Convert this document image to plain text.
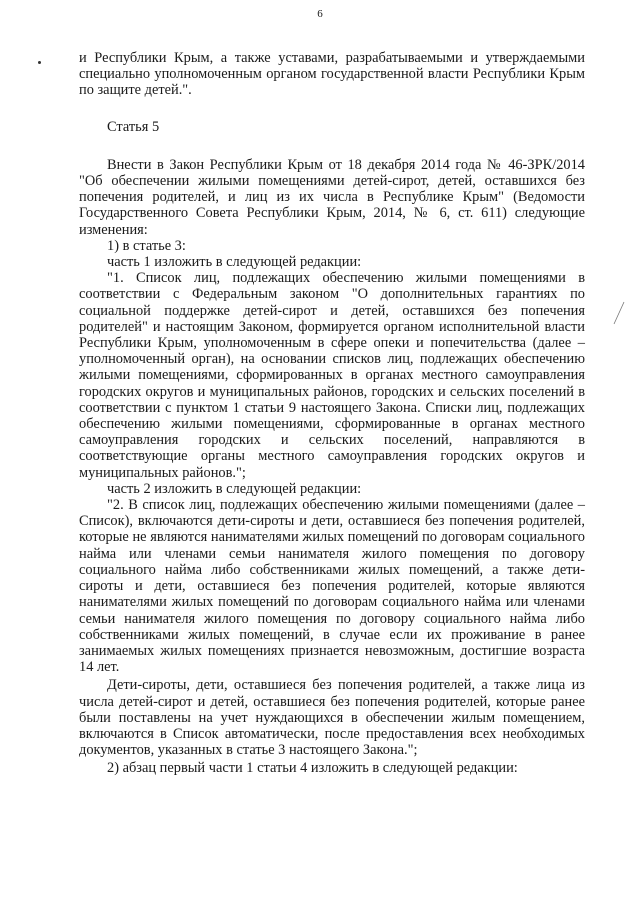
6

и Республики Крым, а также уставами, разрабатываемыми и утверждаемыми специально уполномоченным органом государственной власти Республики Крым по защите детей.".

Статья 5

Внести в Закон Республики Крым от 18 декабря 2014 года № 46-ЗРК/2014 "Об обеспечении жилыми помещениями детей-сирот, детей, оставшихся без попечения родителей, и лиц из их числа в Республике Крым" (Ведомости Государственного Совета Республики Крым, 2014, № 6, ст. 611) следующие изменения:

1) в статье 3:

часть 1 изложить в следующей редакции:

"1. Список лиц, подлежащих обеспечению жилыми помещениями в соответствии с Федеральным законом "О дополнительных гарантиях по социальной поддержке детей-сирот и детей, оставшихся без попечения родителей" и настоящим Законом, формируется органом исполнительной власти Республики Крым, уполномоченным в сфере опеки и попечительства (далее – уполномоченный орган), на основании списков лиц, подлежащих обеспечению жилыми помещениями, сформированных в органах местного самоуправления городских округов и муниципальных районов, городских и сельских поселений в соответствии с пунктом 1 статьи 9 настоящего Закона. Списки лиц, подлежащих обеспечению жилыми помещениями, сформированные в органах местного самоуправления городских и сельских поселений, направляются в соответствующие органы местного самоуправления городских округов и муниципальных районов.";

часть 2 изложить в следующей редакции:

"2. В список лиц, подлежащих обеспечению жилыми помещениями (далее – Список), включаются дети-сироты и дети, оставшиеся без попечения родителей, которые не являются нанимателями жилых помещений по договорам социального найма или членами семьи нанимателя жилого помещения по договору социального найма либо собственниками жилых помещений, а также дети-сироты и дети, оставшиеся без попечения родителей, которые являются нанимателями жилых помещений по договорам социального найма или членами семьи нанимателя жилого помещения по договору социального найма либо собственниками жилых помещений, в случае если их проживание в ранее занимаемых жилых помещениях признается невозможным, достигшие возраста 14 лет.

Дети-сироты, дети, оставшиеся без попечения родителей, а также лица из числа детей-сирот и детей, оставшиеся без попечения родителей, которые ранее были поставлены на учет нуждающихся в обеспечении жилым помещением, включаются в Список автоматически, после предоставления всех необходимых документов, указанных в статье 3 настоящего Закона.";

2) абзац первый части 1 статьи 4 изложить в следующей редакции:
